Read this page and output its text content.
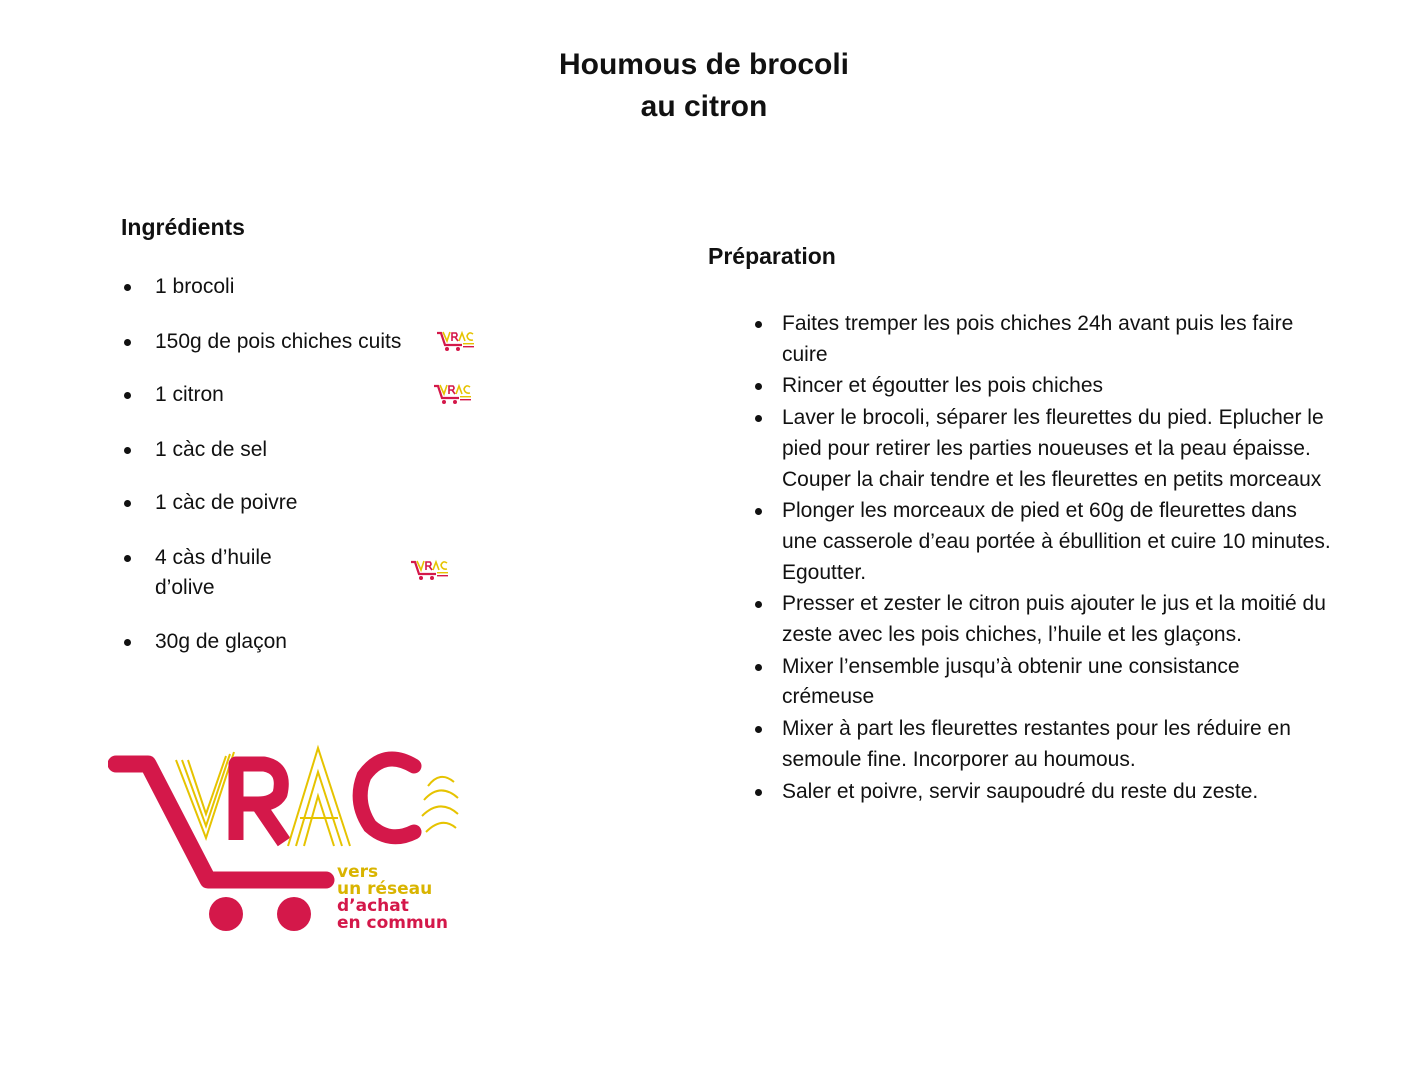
Houmous de brocoli
au citron
Ingrédients
1 brocoli
150g de pois chiches cuits
1 citron
1 càc de sel
1 càc de poivre
4 càs d’huile d’olive
30g de glaçon
Préparation
Faites tremper les pois chiches 24h avant puis les faire cuire
Rincer et égoutter les pois chiches
Laver le brocoli, séparer les fleurettes du pied. Eplucher le pied pour retirer les parties noueuses et la peau épaisse. Couper la chair tendre et les fleurettes en petits morceaux
Plonger les morceaux de pied et 60g de fleurettes dans une casserole d’eau portée à ébullition et cuire 10 minutes. Egoutter.
Presser et zester le citron puis ajouter le jus et la moitié du zeste avec les pois chiches, l’huile et les glaçons.
Mixer l’ensemble jusqu’à obtenir une consistance crémeuse
Mixer à part les fleurettes restantes pour les réduire en semoule fine. Incorporer au houmous.
Saler et poivre, servir saupoudré du reste du zeste.
vers
un réseau
d’achat
en commun
